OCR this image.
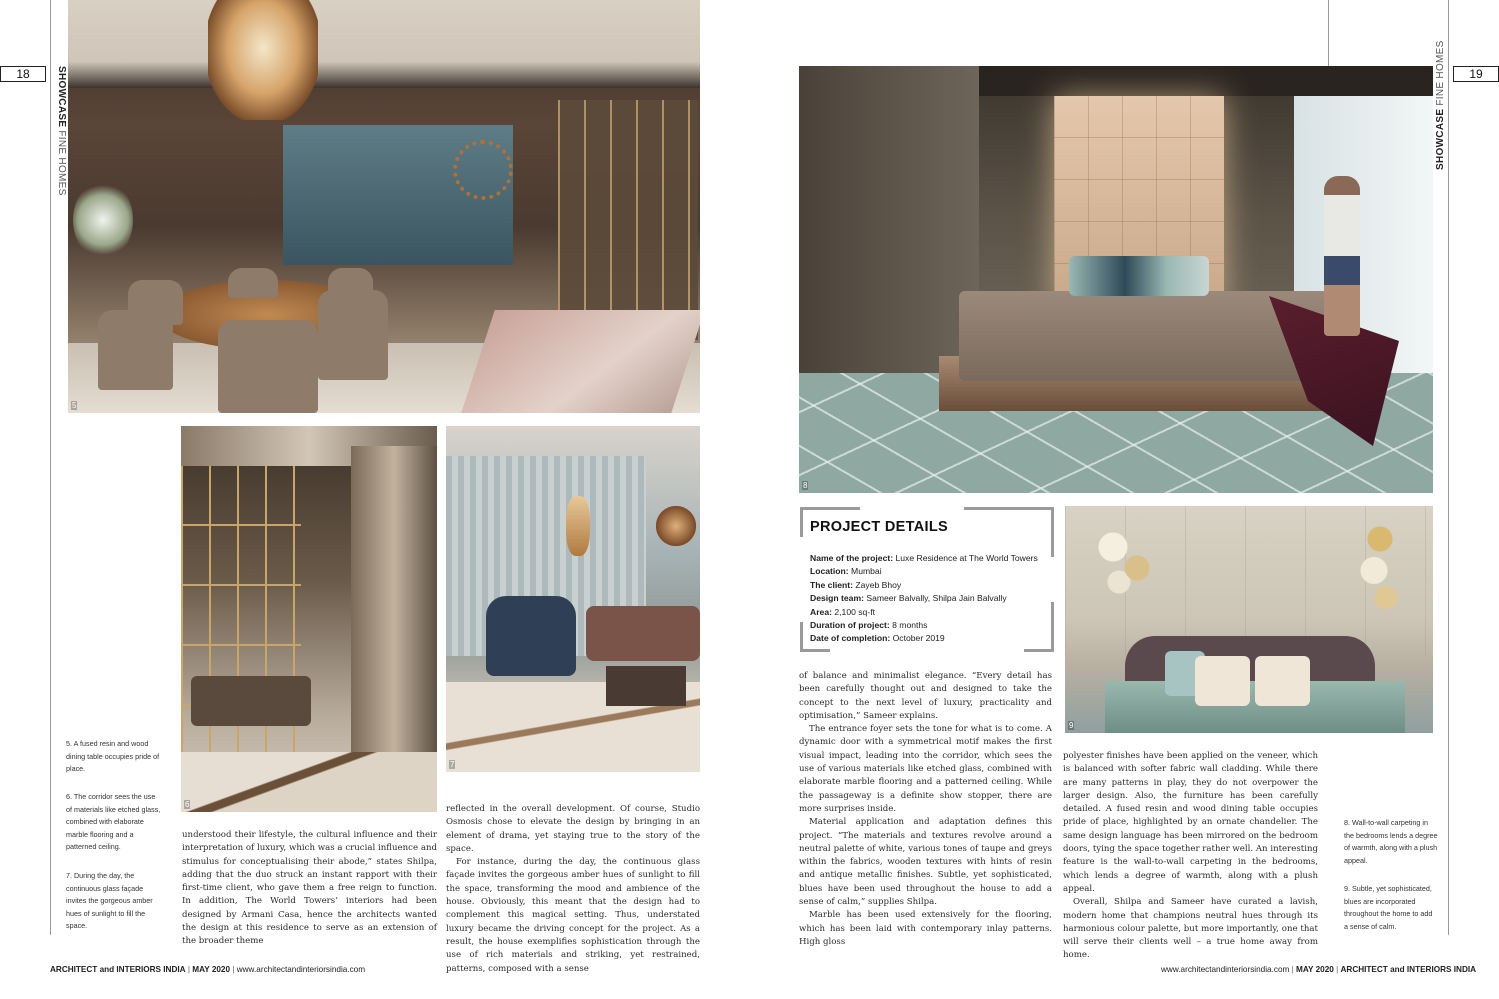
18	SHOWCASE FINE HOMES
5
6
7
5. A fused resin and wood dining table occupies pride of place.
6. The corridor sees the use of materials like etched glass, combined with elaborate marble flooring and a patterned ceiling.
7. During the day, the continuous glass façade invites the gorgeous amber hues of sunlight to fill the space.

understood their lifestyle, the cultural influence and their interpretation of luxury, which was a crucial influence and stimulus for conceptualising their abode,” states Shilpa, adding that the duo struck an instant rapport with their first-time client, who gave them a free reign to function. In addition, The World Towers’ interiors had been designed by Armani Casa, hence the architects wanted the design at this residence to serve as an extension of the broader theme

reflected in the overall development. Of course, Studio Osmosis chose to elevate the design by bringing in an element of drama, yet staying true to the story of the space.

For instance, during the day, the continuous glass façade invites the gorgeous amber hues of sunlight to fill the space, transforming the mood and ambience of the house. Obviously, this meant that the design had to complement this magical setting. Thus, understated luxury became the driving concept for the project. As a result, the house exemplifies sophistication through the use of rich materials and striking, yet restrained, patterns, composed with a sense

ARCHITECT and INTERIORS INDIA | MAY 2020 | www.architectandinteriorsindia.com
19
SHOWCASE FINE HOMES
8
9
PROJECT DETAILS
Name of the project: Luxe Residence at The World Towers
Location: Mumbai
The client: Zayeb Bhoy
Design team: Sameer Balvally, Shilpa Jain Balvally
Area: 2,100 sq-ft
Duration of project: 8 months
Date of completion: October 2019

of balance and minimalist elegance. “Every detail has been carefully thought out and designed to take the concept to the next level of luxury, practicality and optimisation,” Sameer explains.

The entrance foyer sets the tone for what is to come. A dynamic door with a symmetrical motif makes the first visual impact, leading into the corridor, which sees the use of various materials like etched glass, combined with elaborate marble flooring and a patterned ceiling. While the passageway is a definite show stopper, there are more surprises inside.

Material application and adaptation defines this project. “The materials and textures revolve around a neutral palette of white, various tones of taupe and greys within the fabrics, wooden textures with hints of resin and antique metallic finishes. Subtle, yet sophisticated, blues have been used throughout the house to add a sense of calm,” supplies Shilpa.

Marble has been used extensively for the flooring, which has been laid with contemporary inlay patterns. High gloss

polyester finishes have been applied on the veneer, which is balanced with softer fabric wall cladding. While there are many patterns in play, they do not overpower the larger design. Also, the furniture has been carefully detailed. A fused resin and wood dining table occupies pride of place, highlighted by an ornate chandelier. The same design language has been mirrored on the bedroom doors, tying the space together rather well. An interesting feature is the wall-to-wall carpeting in the bedrooms, which lends a degree of warmth, along with a plush appeal.

Overall, Shilpa and Sameer have curated a lavish, modern home that champions neutral hues through its harmonious colour palette, but more importantly, one that will serve their clients well – a true home away from home.

8. Wall-to-wall carpeting in the bedrooms lends a degree of warmth, along with a plush appeal.
9. Subtle, yet sophisticated, blues are incorporated throughout the home to add a sense of calm.
www.architectandinteriorsindia.com | MAY 2020 | ARCHITECT and INTERIORS INDIA
